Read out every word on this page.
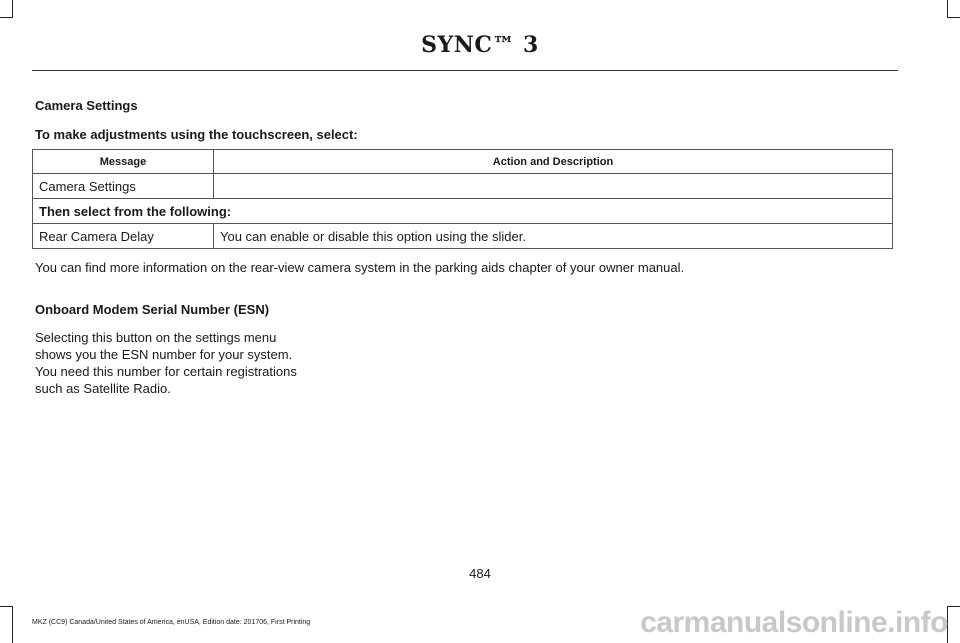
SYNC™ 3
Camera Settings
To make adjustments using the touchscreen, select:
Message	Action and Description
Camera Settings	
Then select from the following:	
Rear Camera Delay	You can enable or disable this option using the slider.
You can find more information on the rear-view camera system in the parking aids chapter of your owner manual.
Onboard Modem Serial Number (ESN)
Selecting this button on the settings menu shows you the ESN number for your system. You need this number for certain registrations such as Satellite Radio.
484
MKZ (CC9) Canada/United States of America, enUSA, Edition date: 201706, First Printing	carmanualsonline.info
